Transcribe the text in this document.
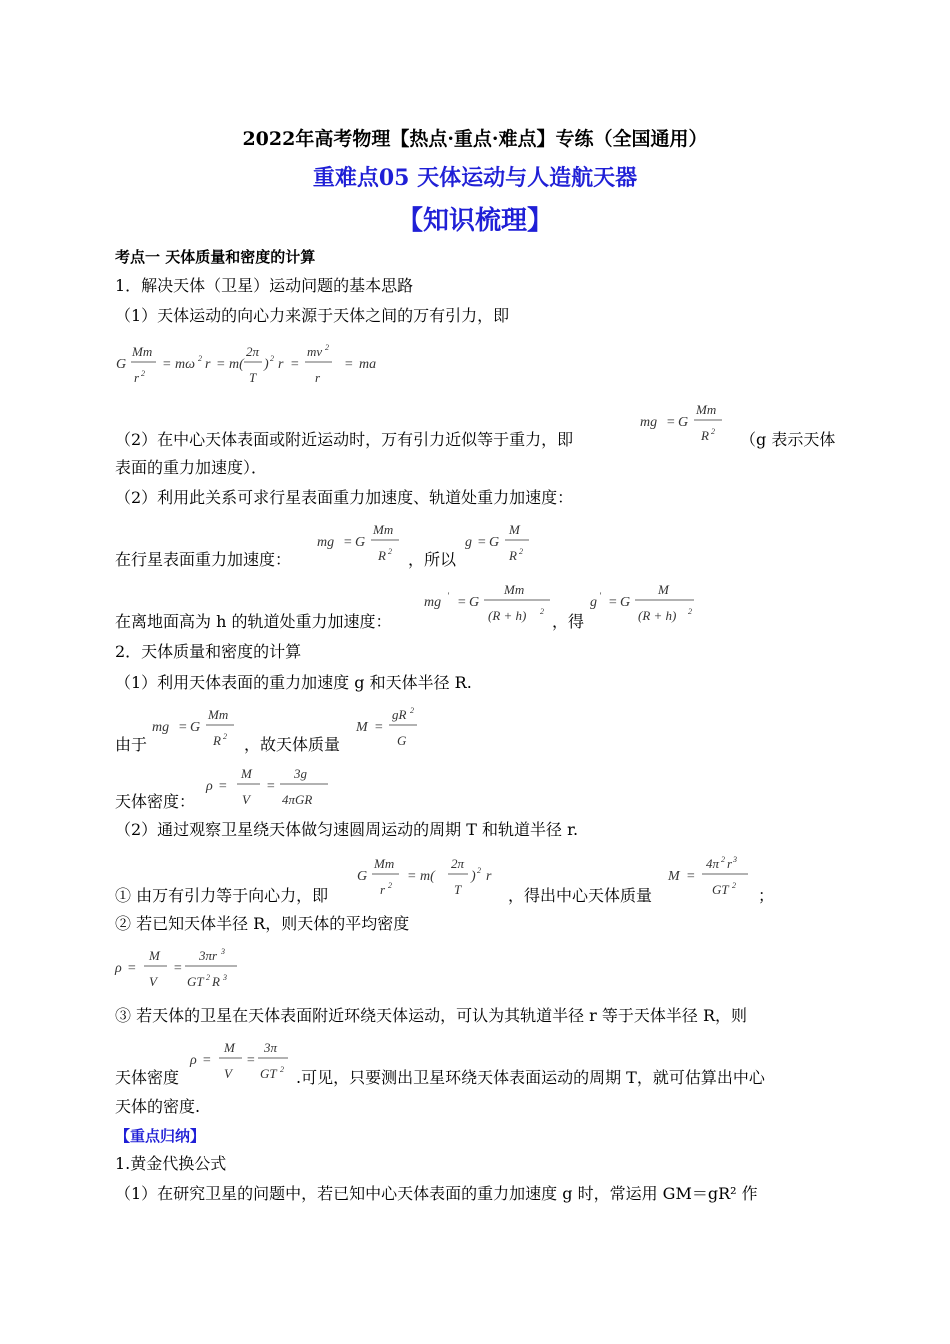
2022年高考物理【热点·重点·难点】专练（全国通用）
重难点05 天体运动与人造航天器
【知识梳理】
考点一 天体质量和密度的计算
1．解决天体（卫星）运动问题的基本思路
（1）天体运动的向心力来源于天体之间的万有引力，即
G
Mm
r 2
= mω 2 r = m(
2π
T
) 2 r =
mv 2
r
= ma
（2）在中心天体表面或附近运动时，万有引力近似等于重力，即
mg = G
Mm
R 2 （g 表示天体
表面的重力加速度）．
（2）利用此关系可求行星表面重力加速度、轨道处重力加速度：
在行星表面重力加速度：
mg = G
Mm
R 2 ，所以
g = G
M
R 2
在离地面高为 h 的轨道处重力加速度：
mg ′ = G
Mm
(R + h) 2
，得
g ′ = G
M
(R + h) 2
2．天体质量和密度的计算
（1）利用天体表面的重力加速度 g 和天体半径 R.
由于
mg = G
Mm
R 2 ，故天体质量
M =
gR 2
G
天体密度：
ρ =
M
V
=
3g
4πGR
（2）通过观察卫星绕天体做匀速圆周运动的周期 T 和轨道半径 r.
① 由万有引力等于向心力，即
G
Mm
r 2
= m(
2π
T
) 2 r
，得出中心天体质量
M =
4π 2 r 3
GT 2
；
② 若已知天体半径 R，则天体的平均密度
ρ =
M
V
=
3πr 3
GT 2 R 3
③ 若天体的卫星在天体表面附近环绕天体运动，可认为其轨道半径 r 等于天体半径 R，则
天体密度
ρ =
M
V
=
3π
GT 2 .可见，只要测出卫星环绕天体表面运动的周期 T，就可估算出中心
天体的密度.
【重点归纳】
1.黄金代换公式
（1）在研究卫星的问题中，若已知中心天体表面的重力加速度 g 时，常运用 GM＝gR² 作
